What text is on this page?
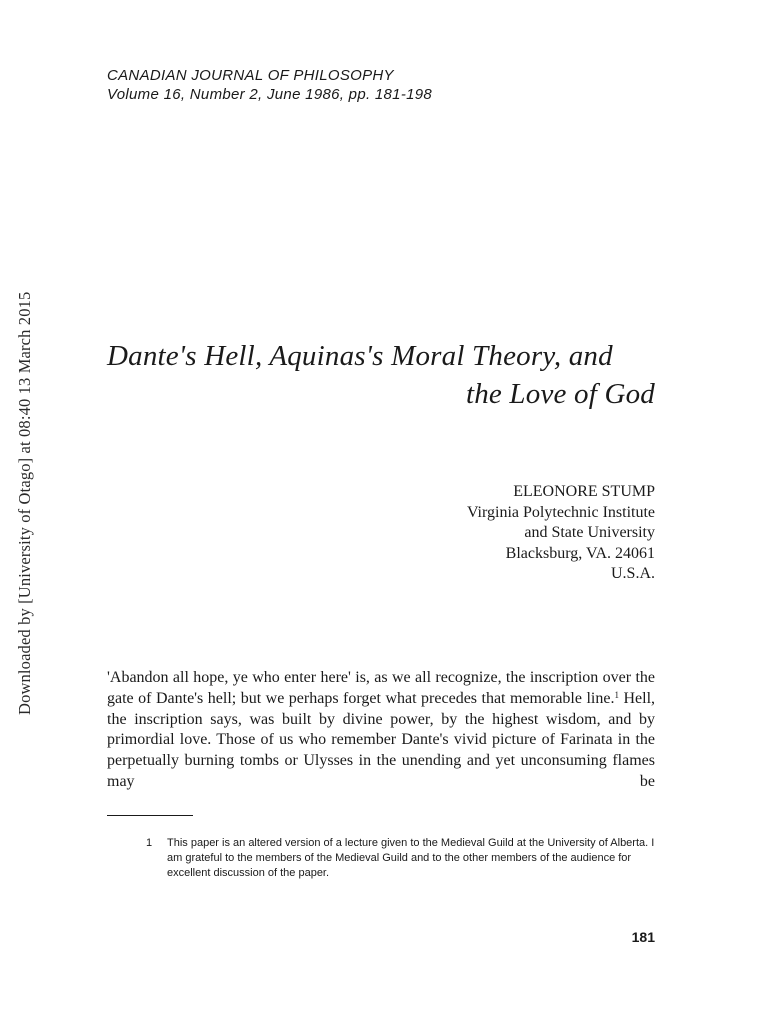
CANADIAN JOURNAL OF PHILOSOPHY
Volume 16, Number 2, June 1986, pp. 181-198
Downloaded by [University of Otago] at 08:40 13 March 2015	Dante's Hell, Aquinas's Moral Theory, and
the Love of God
ELEONORE STUMP
Virginia Polytechnic Institute
and State University
Blacksburg, VA. 24061
U.S.A.
'Abandon all hope, ye who enter here' is, as we all recognize, the inscription over the gate of Dante's hell; but we perhaps forget what precedes that memorable line.$^1$ Hell, the inscription says, was built by divine power, by the highest wisdom, and by primordial love. Those of us who remember Dante's vivid picture of Farinata in the perpetually burning tombs or Ulysses in the unending and yet unconsuming flames may be
1	This paper is an altered version of a lecture given to the Medieval Guild at the University of Alberta. I am grateful to the members of the Medieval Guild and to the other members of the audience for excellent discussion of the paper.
181
